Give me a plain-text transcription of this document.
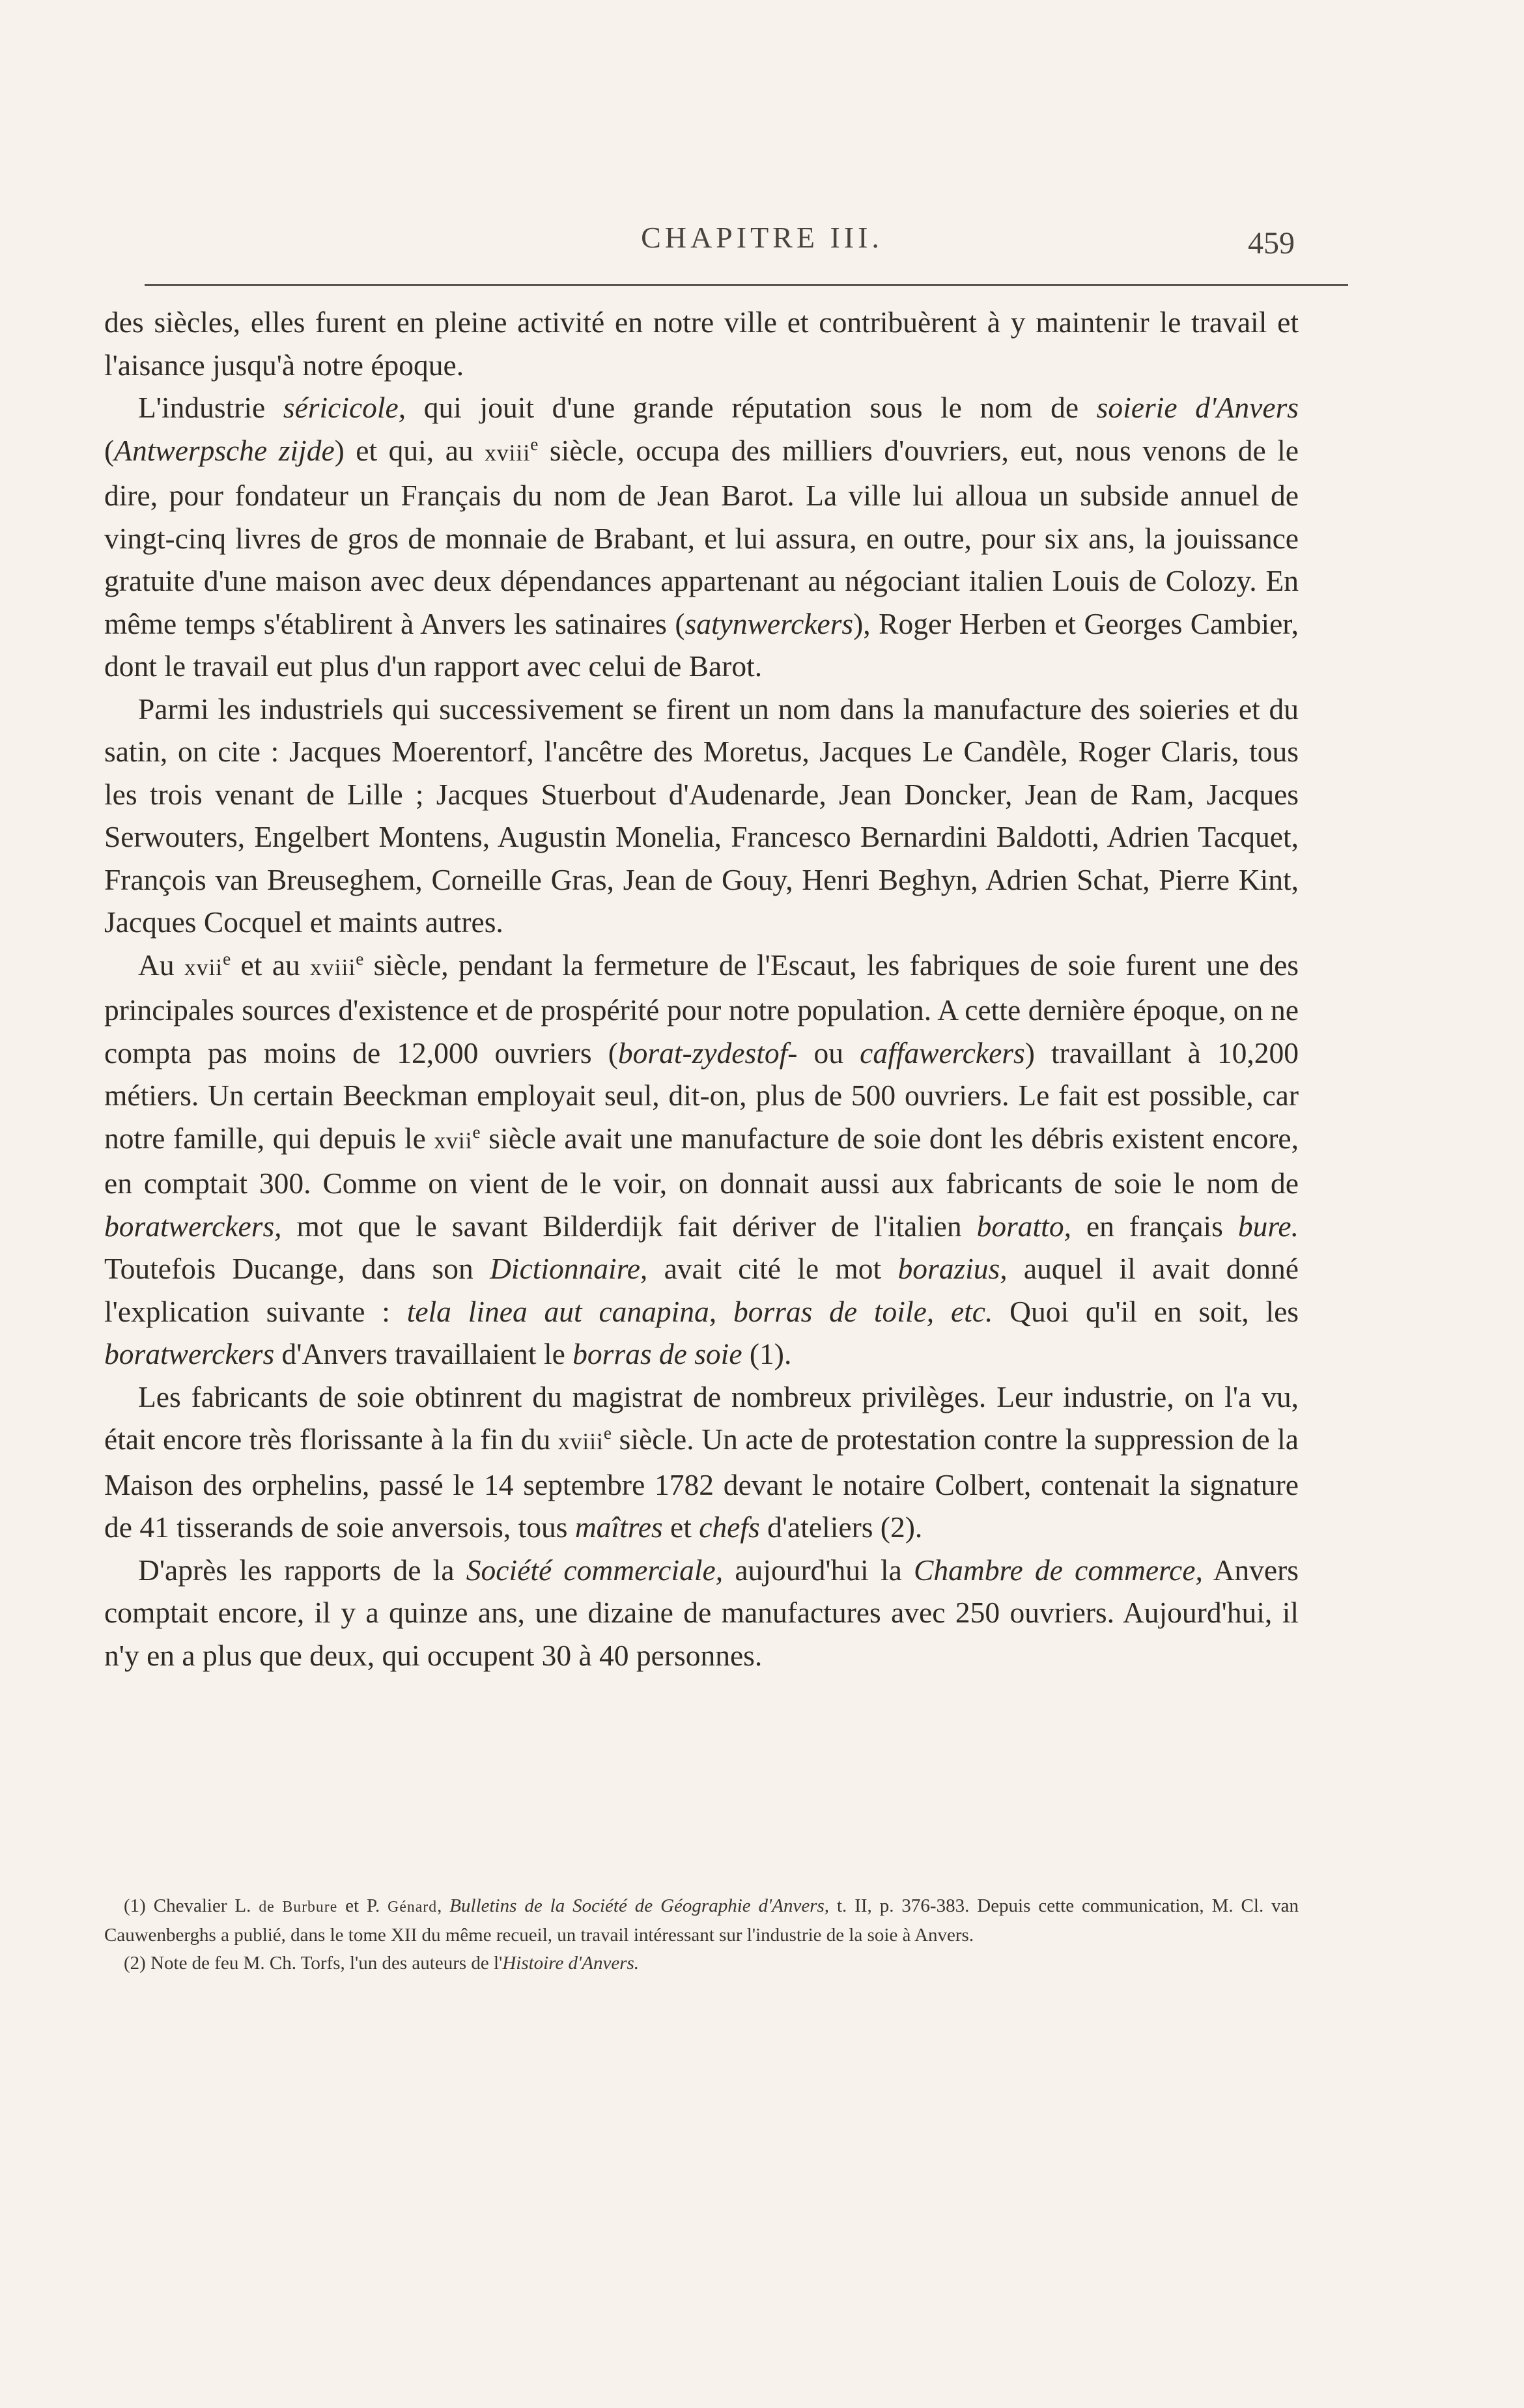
CHAPITRE III.	459

des siècles, elles furent en pleine activité en notre ville et contribuèrent à y maintenir le travail et l'aisance jusqu'à notre époque.

L'industrie séricicole, qui jouit d'une grande réputation sous le nom de soierie d'Anvers (Antwerpsche zijde) et qui, au xviii$^e$ siècle, occupa des milliers d'ouvriers, eut, nous venons de le dire, pour fondateur un Français du nom de Jean Barot. La ville lui alloua un subside annuel de vingt-cinq livres de gros de monnaie de Brabant, et lui assura, en outre, pour six ans, la jouissance gratuite d'une maison avec deux dépendances appartenant au négociant italien Louis de Colozy. En même temps s'établirent à Anvers les satinaires (satynwerckers), Roger Herben et Georges Cambier, dont le travail eut plus d'un rapport avec celui de Barot.

Parmi les industriels qui successivement se firent un nom dans la manufacture des soieries et du satin, on cite : Jacques Moerentorf, l'ancêtre des Moretus, Jacques Le Candèle, Roger Claris, tous les trois venant de Lille ; Jacques Stuerbout d'Audenarde, Jean Doncker, Jean de Ram, Jacques Serwouters, Engelbert Montens, Augustin Monelia, Francesco Bernardini Baldotti, Adrien Tacquet, François van Breuseghem, Corneille Gras, Jean de Gouy, Henri Beghyn, Adrien Schat, Pierre Kint, Jacques Cocquel et maints autres.

Au xvii$^e$ et au xviii$^e$ siècle, pendant la fermeture de l'Escaut, les fabriques de soie furent une des principales sources d'existence et de prospérité pour notre population. A cette dernière époque, on ne compta pas moins de 12,000 ouvriers (borat-zydestof- ou caffawerckers) travaillant à 10,200 métiers. Un certain Beeckman employait seul, dit-on, plus de 500 ouvriers. Le fait est possible, car notre famille, qui depuis le xvii$^e$ siècle avait une manufacture de soie dont les débris existent encore, en comptait 300. Comme on vient de le voir, on donnait aussi aux fabricants de soie le nom de boratwerckers, mot que le savant Bilderdijk fait dériver de l'italien boratto, en français bure. Toutefois Ducange, dans son Dictionnaire, avait cité le mot borazius, auquel il avait donné l'explication suivante : tela linea aut canapina, borras de toile, etc. Quoi qu'il en soit, les boratwerckers d'Anvers travaillaient le borras de soie (1).

Les fabricants de soie obtinrent du magistrat de nombreux privilèges. Leur industrie, on l'a vu, était encore très florissante à la fin du xviii$^e$ siècle. Un acte de protestation contre la suppression de la Maison des orphelins, passé le 14 septembre 1782 devant le notaire Colbert, contenait la signature de 41 tisserands de soie anversois, tous maîtres et chefs d'ateliers (2).

D'après les rapports de la Société commerciale, aujourd'hui la Chambre de commerce, Anvers comptait encore, il y a quinze ans, une dizaine de manufactures avec 250 ouvriers. Aujourd'hui, il n'y en a plus que deux, qui occupent 30 à 40 personnes.

(1) Chevalier L. de Burbure et P. Génard, Bulletins de la Société de Géographie d'Anvers, t. II, p. 376-383. Depuis cette communication, M. Cl. van Cauwenberghs a publié, dans le tome XII du même recueil, un travail intéressant sur l'industrie de la soie à Anvers.

(2) Note de feu M. Ch. Torfs, l'un des auteurs de l'Histoire d'Anvers.
